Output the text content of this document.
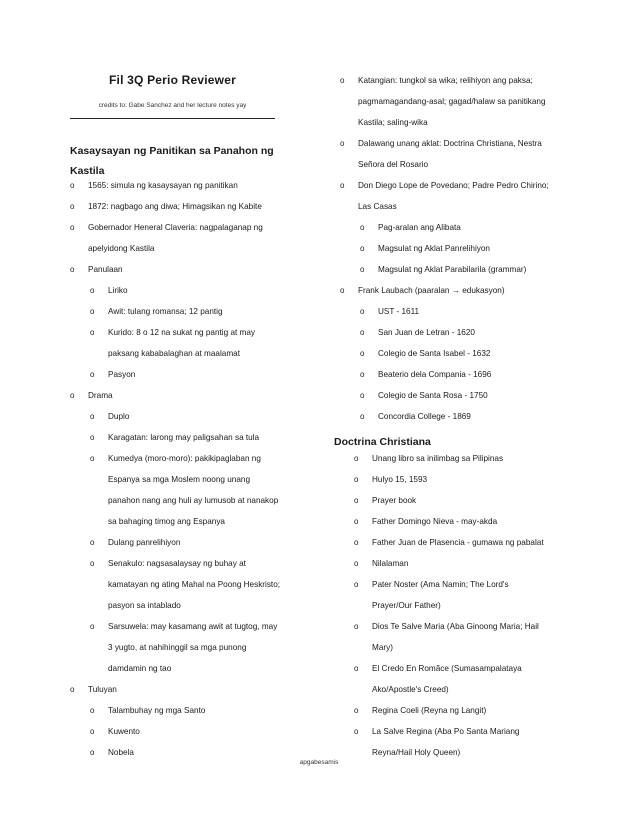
Fil 3Q Perio Reviewer
credits to: Gabe Sanchez and her lecture notes yay
Kasaysayan ng Panitikan sa Panahon ng
Kastila
o 1565: simula ng kasaysayan ng panitikan
o 1872: nagbago ang diwa; Himagsikan ng Kabite
o Gobernador Heneral Claveria: nagpalaganap ng
apelyidong Kastila
o Panulaan
o Liriko
o Awit: tulang romansa; 12 pantig
o Kurido: 8 o 12 na sukat ng pantig at may
paksang kababalaghan at maalamat
o Pasyon
o Drama
o Duplo
o Karagatan: larong may paligsahan sa tula
o Kumedya (moro-moro): pakikipaglaban ng
Espanya sa mga Moslem noong unang
panahon nang ang huli ay lumusob at nanakop
sa bahaging timog ang Espanya
o Dulang panrelihiyon
o Senakulo: nagsasalaysay ng buhay at
kamatayan ng ating Mahal na Poong Heskristo;
pasyon sa intablado
o Sarsuwela: may kasamang awit at tugtog, may
3 yugto, at nahihinggil sa mga punong
damdamin ng tao
o Tuluyan
o Talambuhay ng mga Santo
o Kuwento
o Nobela
o Katangian: tungkol sa wika; relihiyon ang paksa;
pagmamagandang-asal; gagad/halaw sa panitikang
Kastila; saling-wika
o Dalawang unang aklat: Doctrina Christiana, Nestra
Señora del Rosario
o Don Diego Lope de Povedano; Padre Pedro Chirino;
Las Casas
o Pag-aralan ang Alibata
o Magsulat ng Aklat Panrelihiyon
o Magsulat ng Aklat Parabilarila (grammar)
o Frank Laubach (paaralan → edukasyon)
o UST - 1611
o San Juan de Letran - 1620
o Colegio de Santa Isabel - 1632
o Beaterio dela Compania - 1696
o Colegio de Santa Rosa - 1750
o Concordia College - 1869
Doctrina Christiana
o Unang libro sa inilimbag sa Pilipinas
o Hulyo 15, 1593
o Prayer book
o Father Domingo Nieva - may-akda
o Father Juan de Plasencia - gumawa ng pabalat
o Nilalaman
o Pater Noster (Ama Namin; The Lord's
Prayer/Our Father)
o Dios Te Salve Maria (Aba Ginoong Maria; Hail
Mary)
o El Credo En Romãce (Sumasampalataya
Ako/Apostle's Creed)
o Regina Coeli (Reyna ng Langit)
o La Salve Regina (Aba Po Santa Mariang
Reyna/Hail Holy Queen)
apgabesamis
